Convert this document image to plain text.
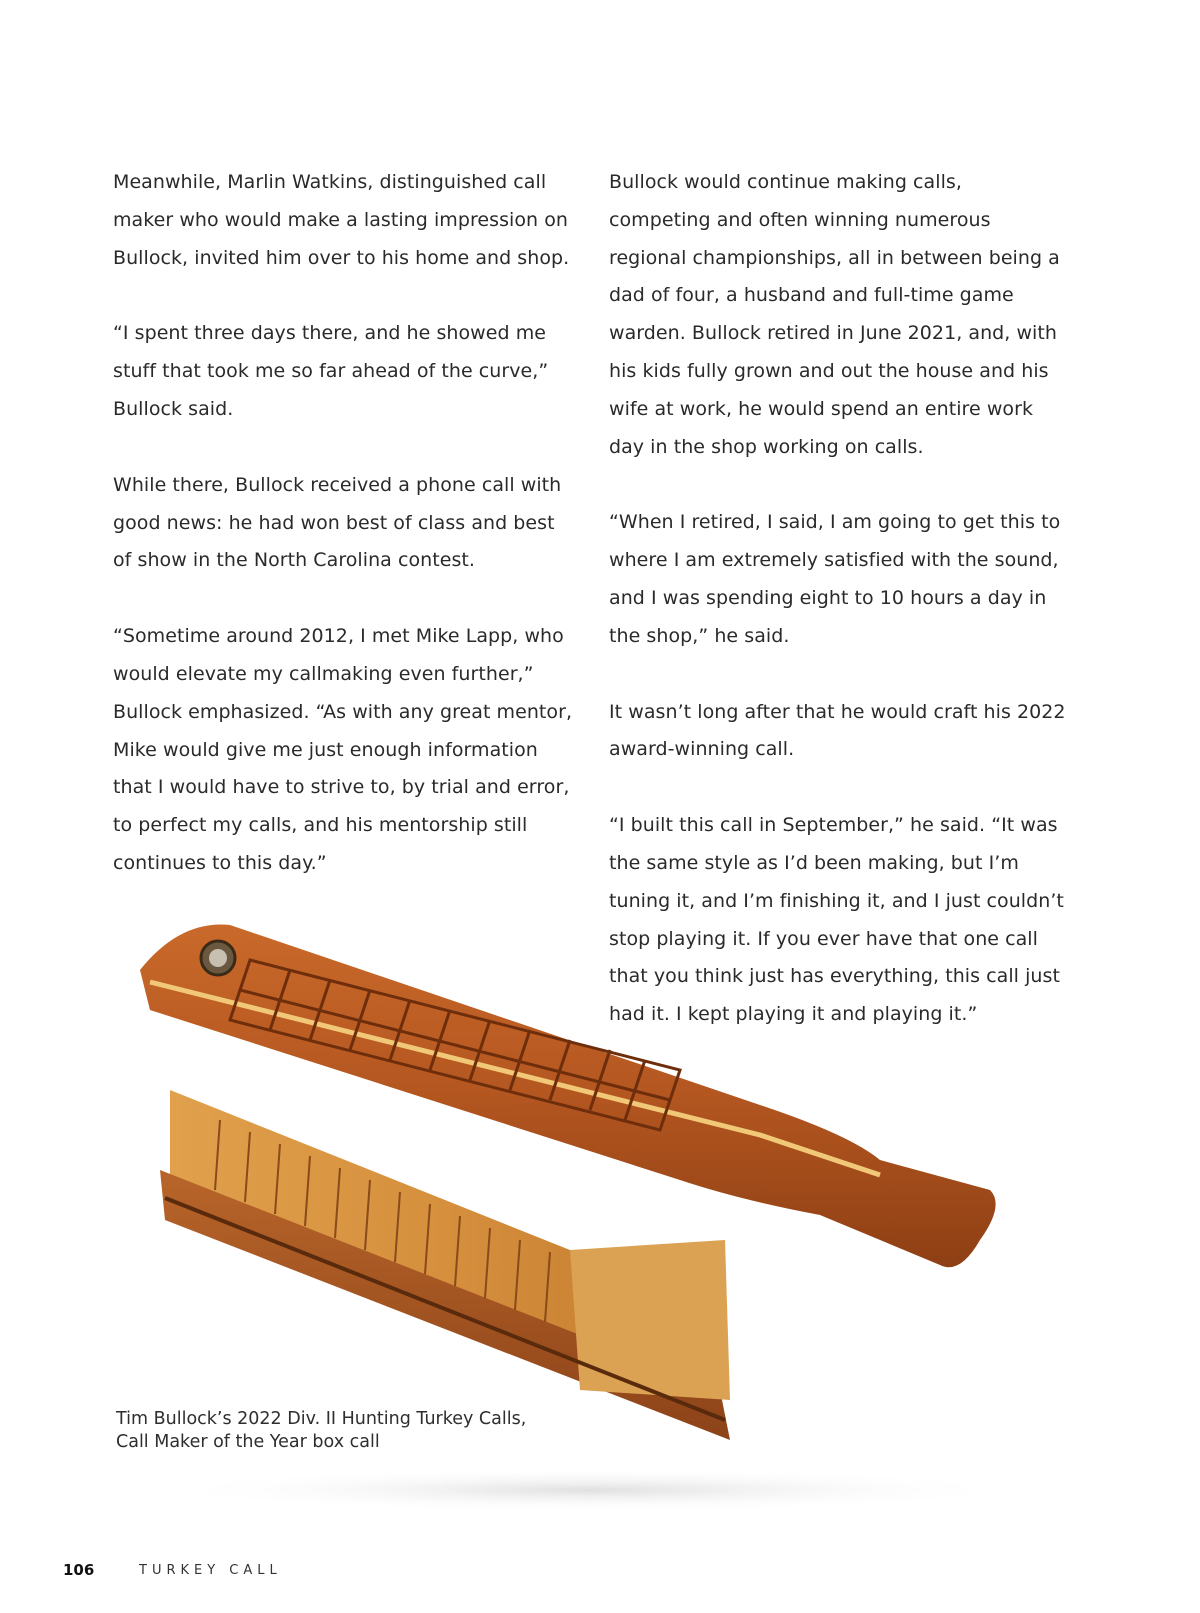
Meanwhile, Marlin Watkins, distinguished call maker who would make a lasting impression on Bullock, invited him over to his home and shop.

“I spent three days there, and he showed me stuff that took me so far ahead of the curve,” Bullock said.

While there, Bullock received a phone call with good news: he had won best of class and best of show in the North Carolina contest.

“Sometime around 2012, I met Mike Lapp, who would elevate my callmaking even further,” Bullock emphasized. “As with any great mentor, Mike would give me just enough information that I would have to strive to, by trial and error, to perfect my calls, and his mentorship still continues to this day.”

Bullock would continue making calls, competing and often winning numerous regional championships, all in between being a dad of four, a husband and full-time game warden. Bullock retired in June 2021, and, with his kids fully grown and out the house and his wife at work, he would spend an entire work day in the shop working on calls.

“When I retired, I said, I am going to get this to where I am extremely satisfied with the sound, and I was spending eight to 10 hours a day in the shop,” he said.

It wasn’t long after that he would craft his 2022 award-winning call.

“I built this call in September,” he said. “It was the same style as I’d been making, but I’m tuning it, and I’m finishing it, and I just couldn’t stop playing it. If you ever have that one call that you think just has everything, this call just had it. I kept playing it and playing it.”

Tim Bullock’s 2022 Div. II Hunting Turkey Calls,
Call Maker of the Year box call
106	TURKEY CALL
